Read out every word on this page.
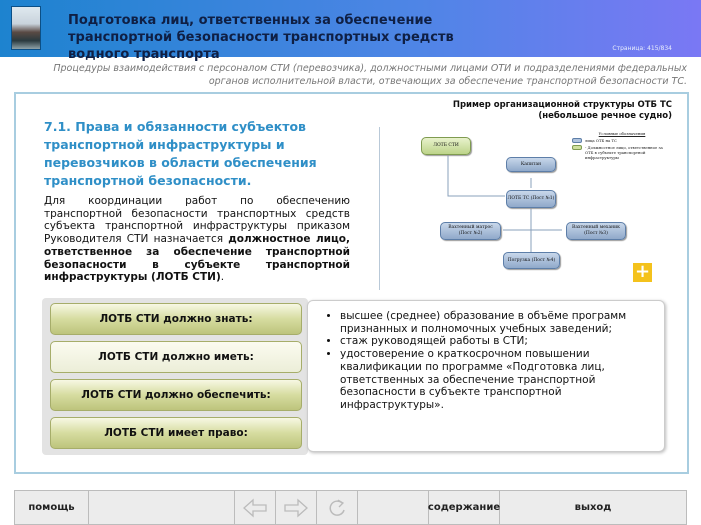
Подготовка лиц, ответственных за обеспечение транспортной безопасности транспортных средств водного транспорта	Страница: 415/834
Процедуры взаимодействия с персоналом СТИ (перевозчика), должностными лицами ОТИ и подразделениями федеральных органов исполнительной власти, отвечающих за обеспечение транспортной безопасности ТС.
7.1. Права и обязанности субъектов транспортной инфраструктуры и перевозчиков в области обеспечения транспортной безопасности.
Для координации работ по обеспечению транспортной безопасности транспортных средств субъекта транспортной инфраструктуры приказом Руководителя СТИ назначается должностное лицо, ответственное за обеспечение транспортной безопасности в субъекте транспортной инфраструктуры (ЛОТБ СТИ).
Пример организационной структуры ОТБ ТС (небольшое речное судно)
ЛОТБ СТИ
Капитан
ЛОТБ ТС (Пост №1)
Вахтенный матрос (Пост №2)
Вахтенный механик (Пост №3)
Погрузка (Пост №4)
Условные обозначения
лица ОТБ на ТС
- Должностное лицо, ответственное за ОТБ в субъекте транспортной инфраструктуры
+
ЛОТБ СТИ должно знать:
ЛОТБ СТИ должно иметь:
ЛОТБ СТИ должно обеспечить:
ЛОТБ СТИ имеет право:
• высшее (среднее) образование в объёме программ признанных и полномочных учебных заведений;
• стаж руководящей работы в СТИ;
• удостоверение о краткосрочном повышении квалификации по программе «Подготовка лиц, ответственных за обеспечение транспортной безопасности в субъекте транспортной инфраструктуры».
помощь	содержание	выход
